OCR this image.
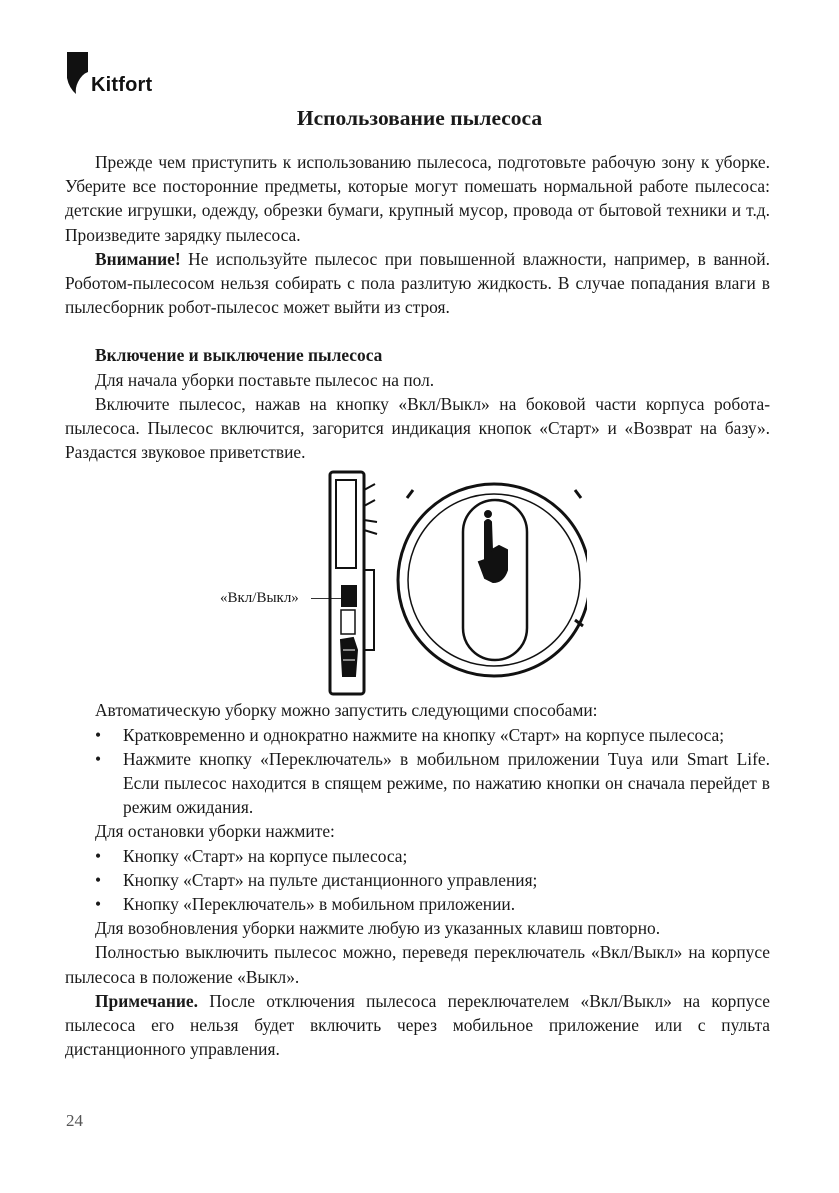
Kitfort
Использование пылесоса

Прежде чем приступить к использованию пылесоса, подготовьте рабочую зону к уборке. Уберите все посторонние предметы, которые могут помешать нормальной работе пылесоса: детские игрушки, одежду, обрезки бумаги, крупный мусор, провода от бытовой техники и т.д. Произведите зарядку пылесоса.

Внимание! Не используйте пылесос при повышенной влажности, например, в ванной. Роботом-пылесосом нельзя собирать с пола разлитую жидкость. В случае попадания влаги в пылесборник робот-пылесос может выйти из строя.

Включение и выключение пылесоса

Для начала уборки поставьте пылесос на пол.

Включите пылесос, нажав на кнопку «Вкл/Выкл» на боковой части корпуса робота-пылесоса. Пылесос включится, загорится индикация кнопок «Старт» и «Возврат на базу». Раздастся звуковое приветствие.

«Вкл/Выкл»

Автоматическую уборку можно запустить следующими способами:

• Кратковременно и однократно нажмите на кнопку «Старт» на корпусе пылесоса;
• Нажмите кнопку «Переключатель» в мобильном приложении Tuya или Smart Life. Если пылесос находится в спящем режиме, по нажатию кнопки он сначала перейдет в режим ожидания.

Для остановки уборки нажмите:

• Кнопку «Старт» на корпусе пылесоса;
• Кнопку «Старт» на пульте дистанционного управления;
• Кнопку «Переключатель» в мобильном приложении.

Для возобновления уборки нажмите любую из указанных клавиш повторно.

Полностью выключить пылесос можно, переведя переключатель «Вкл/Выкл» на корпусе пылесоса в положение «Выкл».

Примечание. После отключения пылесоса переключателем «Вкл/Выкл» на корпусе пылесоса его нельзя будет включить через мобильное приложение или с пульта дистанционного управления.

24
